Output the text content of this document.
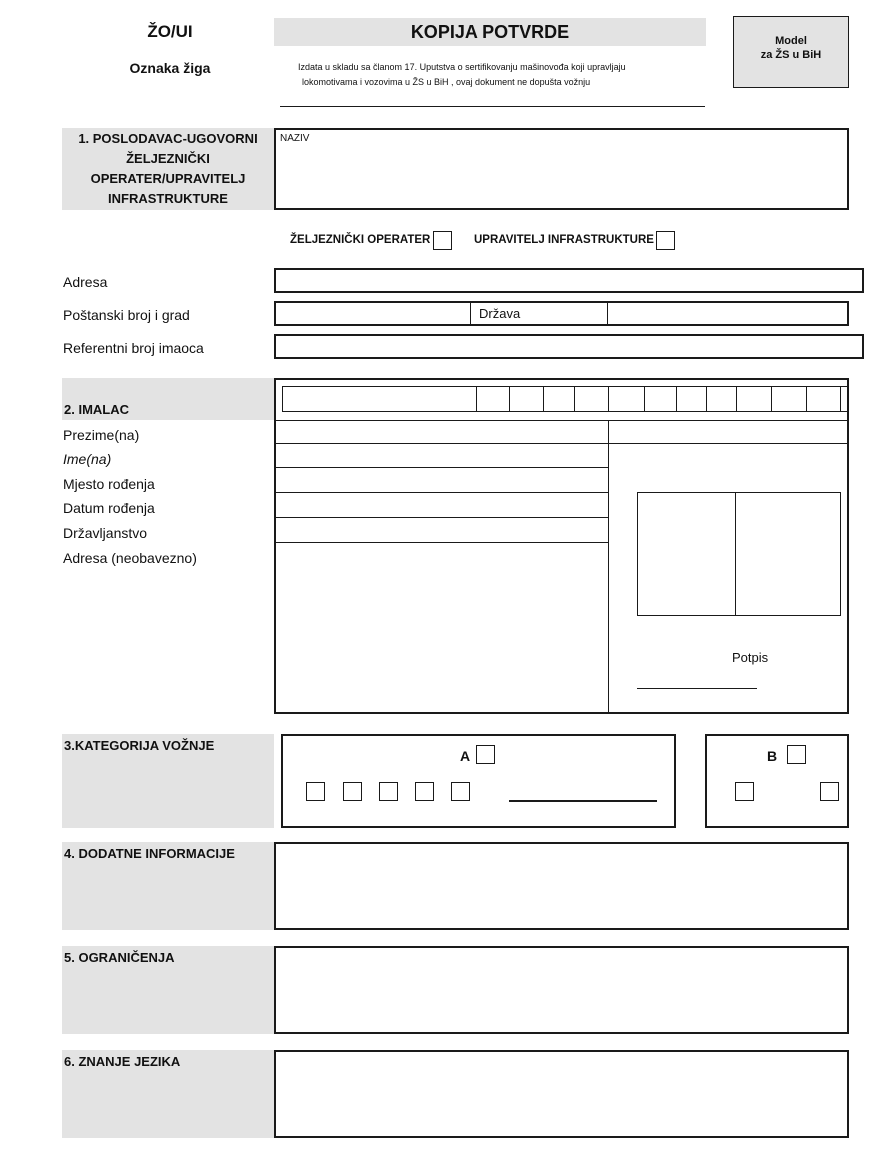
ŽO/UI
Oznaka žiga
KOPIJA POTVRDE
Izdata u skladu sa članom 17. Uputstva o sertifikovanju mašinovođa koji upravljaju
lokomotivama i vozovima u ŽS u BiH , ovaj dokument ne dopušta vožnju
Model
za ŽS u BiH
1. POSLODAVAC-UGOVORNI
ŽELJEZNIČKI
OPERATER/UPRAVITELJ
INFRASTRUKTURE
NAZIV
ŽELJEZNIČKI OPERATER	UPRAVITELJ INFRASTRUKTURE
Adresa
Poštanski broj i grad	Država
Referentni broj imaoca
2. IMALAC
Prezime(na)
Ime(na)
Mjesto rođenja
Datum rođenja
Državljanstvo
Adresa (neobavezno)
Potpis
3.KATEGORIJA VOŽNJE
A	B
4. DODATNE INFORMACIJE
5. OGRANIČENJA
6. ZNANJE JEZIKA
